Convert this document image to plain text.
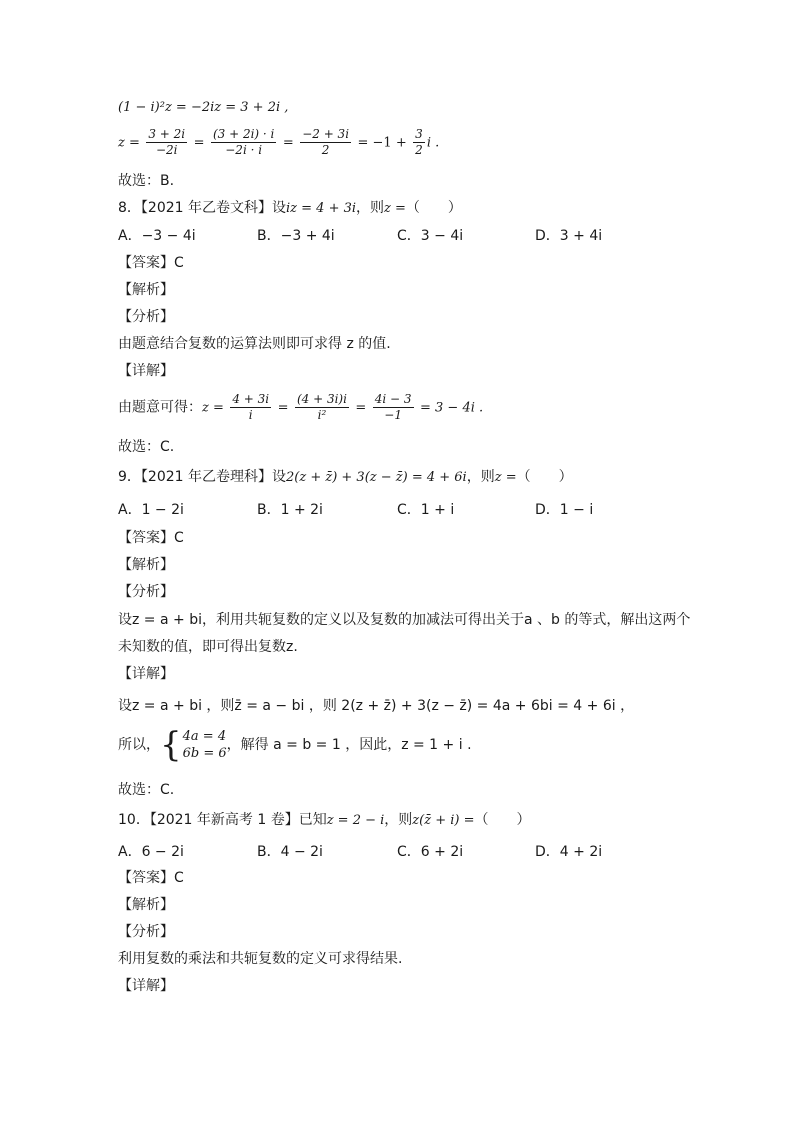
(1 − i)²z = −2iz = 3 + 2i ,
$z = \frac{3 + 2i}{-2i} = \frac{(3 + 2i) \cdot i}{-2i \cdot i} = \frac{-2 + 3i}{2} = -1 + \frac{3}{2}$ i .
故选：B.
8．【2021 年乙卷文科】设iz = 4 + 3i，则z =（　　）
A．−3 − 4i	B．−3 + 4i	C．3 − 4i	D．3 + 4i
【答案】C
【解析】
【分析】
由题意结合复数的运算法则即可求得 z 的值.
【详解】
由题意可得：$z = \frac{4 + 3i}{i} = \frac{(4 + 3i)i}{\text{i²}} = \frac{4i - 3}{-1} = 3 - 4i$ .
故选：C.
9．【2021 年乙卷理科】设2(z + z̄) + 3(z − z̄) = 4 + 6i，则z =（　　）
A．1 − 2i	B．1 + 2i	C．1 + i	D．1 − i
【答案】C
【解析】
【分析】
设z = a + bi，利用共轭复数的定义以及复数的加减法可得出关于a 、b 的等式，解出这两个
未知数的值，即可得出复数z.
【详解】
设z = a + bi ，则z̄ = a − bi ，则 2(z + z̄) + 3(z − z̄) = 4a + 6bi = 4 + 6i ，
所以，{ 4a = 4
6b = 6
，解得 a = b = 1 ，因此，z = 1 + i .
故选：C.
10．【2021 年新高考 1 卷】已知z = 2 − i，则z(z̄ + i) =（　　）
A．6 − 2i	B．4 − 2i	C．6 + 2i	D．4 + 2i
【答案】C
【解析】
【分析】
利用复数的乘法和共轭复数的定义可求得结果.
【详解】
